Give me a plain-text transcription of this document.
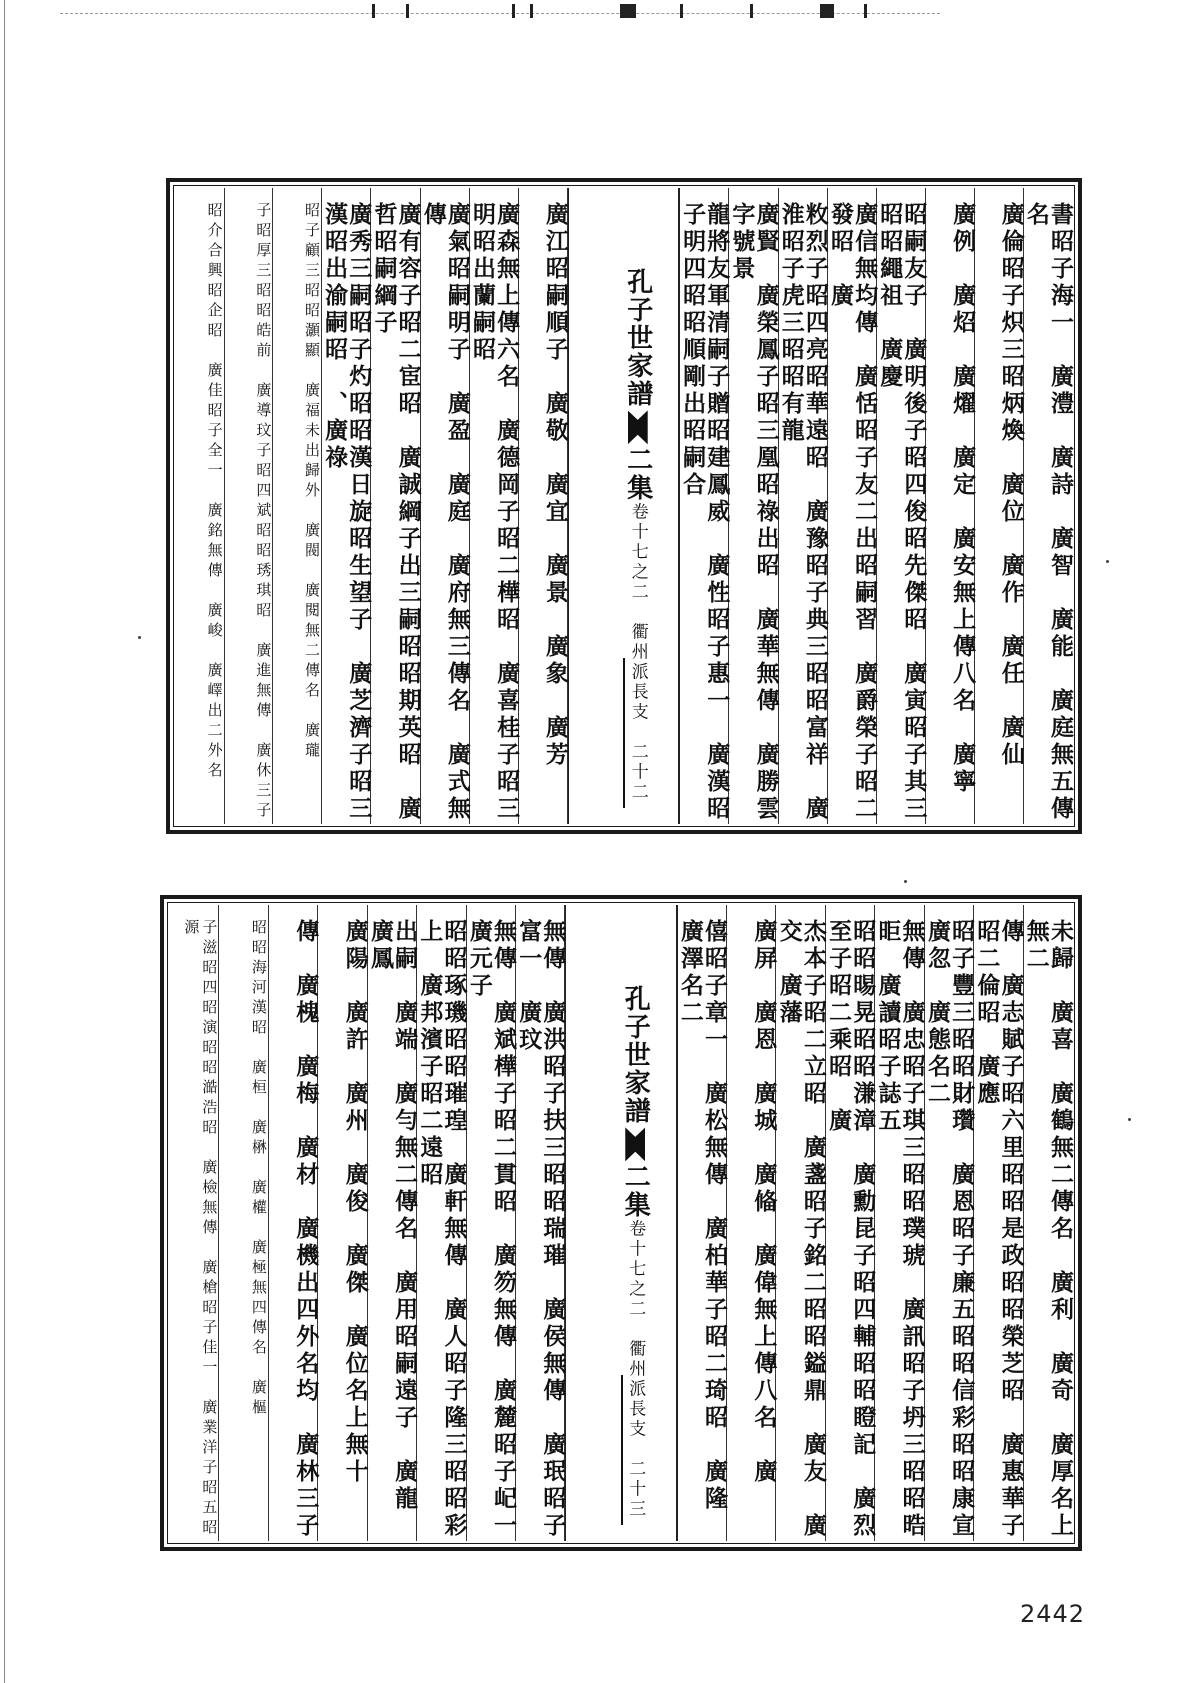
昭介合興昭企昭　廣佳昭子全一　廣銘無傳　廣峻　廣嶧出二外名	子昭厚三昭昭皓前　廣導玟子昭四斌昭昭琇琪昭　廣進無傳　廣休三子	昭子顧三昭昭灝顯　廣福未出歸外　廣閥　廣閱無二傳名　廣瓏	廣秀三嗣昭子灼昭昭漢日旋昭生望子　廣芝濟子昭三漢昭出渝嗣昭　、廣祿	廣有容子昭二宦昭　廣誠綱子出三嗣昭昭期英昭　廣哲昭嗣綱子	廣氣昭嗣明子　廣盈　廣庭　廣府無三傳名　廣式無傳	廣森無上傳六名　廣德岡子昭二樺昭　廣喜桂子昭三明昭出蘭嗣昭	廣江昭嗣順子　廣敬　廣宜　廣景　廣象　廣芳	孔子世家譜二集卷十七之二　衢州派長支　二十二

	龍將友軍清嗣子贈昭建鳳威　廣性昭子惠一　廣漢昭子明四昭昭順剛出昭嗣合	廣賢　廣榮鳳子昭三凰昭祿出昭　廣華無傳　廣勝雲字號景	敉烈子昭四亮昭華遠昭　廣豫昭子典三昭昭富祥　廣淮昭子虎三昭昭有龍	廣信無均傳　廣恬昭子友二出昭嗣習　廣爵榮子昭二發昭　廣	昭嗣友子　廣明後子昭四俊昭先傑昭　廣寅昭子其三昭昭繩祖　廣慶	廣例　廣炤　廣燿　廣定　廣安無上傳八名　廣寧 廣倫昭子炽三昭炳煥　廣位　廣作　廣任　廣仙 書昭子海一　廣澧　廣詩　廣智　廣能　廣庭無五傳名
子滋昭四昭演昭昭澔浩昭　廣檢無傳　廣槍昭子佳一　廣業洋子昭五昭源	昭昭海河漢昭　廣桓　廣楙　廣權　廣極無四傳名　廣樞	傳　廣槐　廣梅　廣材　廣機出四外名均　廣林三子 廣陽　廣許　廣州　廣俊　廣傑　廣位名上無十 出嗣　廣端　廣勻無二傳名　廣用昭嗣遠子　廣龍　廣鳳	昭昭琢璣昭昭璀瑝　廣軒無傳　廣人昭子隆三昭昭彩上　廣邦濱子昭二遠昭	無傳　廣斌樺子昭二貫昭　廣笏無傳　廣麓昭子屺一　廣元子	無傳　廣洪昭子扶三昭昭瑞璀　廣侯無傳　廣珉昭子富一　廣玟	孔子世家譜二集卷十七之二　衢州派長支　二十三

	僖昭子章一　廣松無傳　廣柏華子昭二琦昭　廣隆　廣澤名二	廣屏　廣恩　廣城　廣偹　廣偉無上傳八名　廣 杰本子昭二立昭　廣盞昭子銘二昭昭鎰鼎　廣友　廣交　廣藩	昭昭晹晃昭昭溓漳　廣勳昆子昭四輔昭昭瞪記　廣烈至子昭二乘昭　廣	無傳　廣忠昭子琪三昭昭璞琥　廣訊昭子坍三昭昭晧昛　廣讀昭子誌五	昭子豐三昭昭財瓚　廣恩昭子廉五昭昭信彩昭昭康宣　廣忽　廣態名二	傳　廣志賦子昭六里昭昭是政昭昭榮芝昭　廣惠華子昭二倫昭　廣應	未歸　廣喜　廣鶴無二傳名　廣利　廣奇　廣厚名上無二
2442
